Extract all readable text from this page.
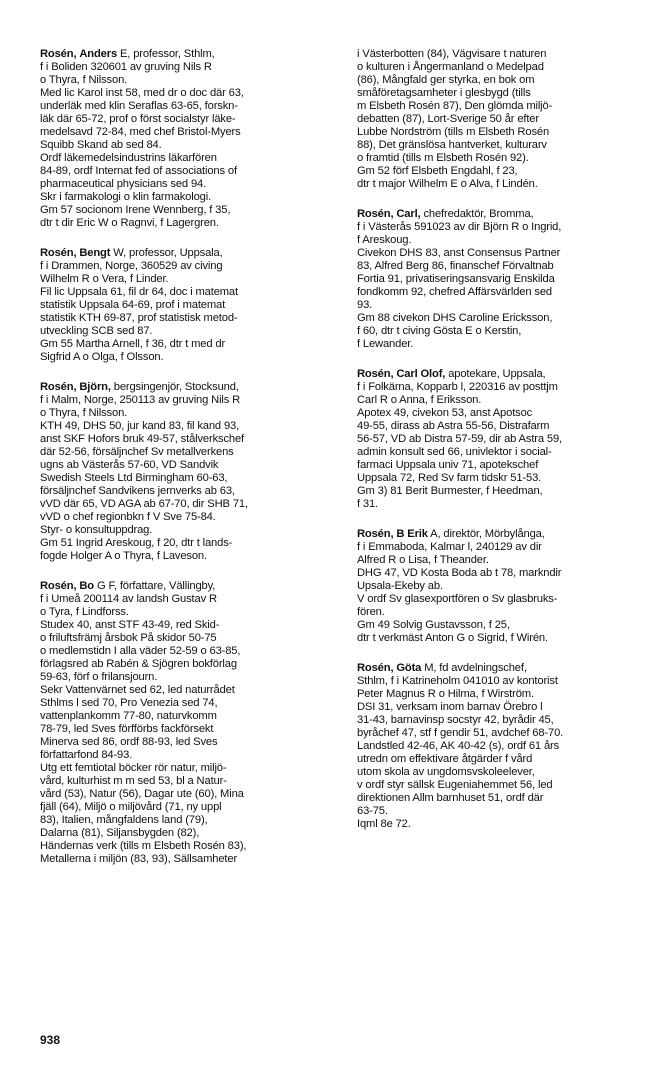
Rosén, Anders E, professor, Sthlm,
f i Boliden 320601 av gruving Nils R
o Thyra, f Nilsson.
Med lic Karol inst 58, med dr o doc där 63,
underläk med klin Seraflas 63-65, forskn-
läk där 65-72, prof o först socialstyr läke-
medelsavd 72-84, med chef Bristol-Myers
Squibb Skand ab sed 84.
Ordf läkemedelsindustrins läkarfören
84-89, ordf Internat fed of associations of
pharmaceutical physicians sed 94.
Skr i farmakologi o klin farmakologi.
Gm 57 socionom Irene Wennberg, f 35,
dtr t dir Eric W o Ragnvi, f Lagergren.

Rosén, Bengt W, professor, Uppsala,
f i Drammen, Norge, 360529 av civing
Wilhelm R o Vera, f Linder.
Fil lic Uppsala 61, fil dr 64, doc i matemat
statistik Uppsala 64-69, prof i matemat
statistik KTH 69-87, prof statistisk metod-
utveckling SCB sed 87.
Gm 55 Martha Arnell, f 36, dtr t med dr
Sigfrid A o Olga, f Olsson.

Rosén, Björn, bergsingenjör, Stocksund,
f i Malm, Norge, 250113 av gruving Nils R
o Thyra, f Nilsson.
KTH 49, DHS 50, jur kand 83, fil kand 93,
anst SKF Hofors bruk 49-57, stålverkschef
där 52-56, försäljnchef Sv metallverkens
ugns ab Västerås 57-60, VD Sandvik
Swedish Steels Ltd Birmingham 60-63,
försäljnchef Sandvikens jernverks ab 63,
vVD där 65, VD AGA ab 67-70, dir SHB 71,
vVD o chef regionbkn f V Sve 75-84.
Styr- o konsultuppdrag.
Gm 51 Ingrid Areskoug, f 20, dtr t lands-
fogde Holger A o Thyra, f Laveson.

Rosén, Bo G F, författare, Vällingby,
f i Umeå 200114 av landsh Gustav R
o Tyra, f Lindforss.
Studex 40, anst STF 43-49, red Skid-
o friluftsfrämj årsbok På skidor 50-75
o medlemstidn I alla väder 52-59 o 63-85,
förlagsred ab Rabén & Sjögren bokförlag
59-63, förf o frilansjourn.
Sekr Vattenvärnet sed 62, led naturrådet
Sthlms l sed 70, Pro Venezia sed 74,
vattenplankomm 77-80, naturvkomm
78-79, led Sves förfförbs fackförsekt
Minerva sed 86, ordf 88-93, led Sves
författarfond 84-93.
Utg ett femtiotal böcker rör natur, miljö-
vård, kulturhist m m sed 53, bl a Natur-
vård (53), Natur (56), Dagar ute (60), Mina
fjäll (64), Miljö o miljövård (71, ny uppl
83), Italien, mångfaldens land (79),
Dalarna (81), Siljansbygden (82),
Händernas verk (tills m Elsbeth Rosén 83),
Metallerna i miljön (83, 93), Sällsamheter

i Västerbotten (84), Vägvisare t naturen
o kulturen i Ångermanland o Medelpad
(86), Mångfald ger styrka, en bok om
småföretagsamheter i glesbygd (tills
m Elsbeth Rosén 87), Den glömda miljö-
debatten (87), Lort-Sverige 50 år efter
Lubbe Nordström (tills m Elsbeth Rosén
88), Det gränslösa hantverket, kulturarv
o framtid (tills m Elsbeth Rosén 92).
Gm 52 förf Elsbeth Engdahl, f 23,
dtr t major Wilhelm E o Alva, f Lindén.

Rosén, Carl, chefredaktör, Bromma,
f i Västerås 591023 av dir Björn R o Ingrid,
f Areskoug.
Civekon DHS 83, anst Consensus Partner
83, Alfred Berg 86, finanschef Förvaltnab
Fortia 91, privatiseringsansvarig Enskilda
fondkomm 92, chefred Affärsvärlden sed
93.
Gm 88 civekon DHS Caroline Ericksson,
f 60, dtr t civing Gösta E o Kerstin,
f Lewander.

Rosén, Carl Olof, apotekare, Uppsala,
f i Folkärna, Kopparb l, 220316 av posttjm
Carl R o Anna, f Eriksson.
Apotex 49, civekon 53, anst Apotsoc
49-55, dirass ab Astra 55-56, Distrafarm
56-57, VD ab Distra 57-59, dir ab Astra 59,
admin konsult sed 66, univlektor i social-
farmaci Uppsala univ 71, apotekschef
Uppsala 72, Red Sv farm tidskr 51-53.
Gm 3) 81 Berit Burmester, f Heedman,
f 31.

Rosén, B Erik A, direktör, Mörbylånga,
f i Emmaboda, Kalmar l, 240129 av dir
Alfred R o Lisa, f Theander.
DHG 47, VD Kosta Boda ab t 78, markndir
Upsala-Ekeby ab.
V ordf Sv glasexportfören o Sv glasbruks-
fören.
Gm 49 Solvig Gustavsson, f 25,
dtr t verkmäst Anton G o Sigrid, f Wirén.

Rosén, Göta M, fd avdelningschef,
Sthlm, f i Katrineholm 041010 av kontorist
Peter Magnus R o Hilma, f Wirström.
DSI 31, verksam inom barnav Örebro l
31-43, barnavinsp socstyr 42, byrådir 45,
byråchef 47, stf f gendir 51, avdchef 68-70.
Landstled 42-46, AK 40-42 (s), ordf 61 års
utredn om effektivare åtgärder f vård
utom skola av ungdomsvskoleelever,
v ordf styr sällsk Eugeniahemmet 56, led
direktionen Allm barnhuset 51, ordf där
63-75.
Iqml 8e 72.

938
